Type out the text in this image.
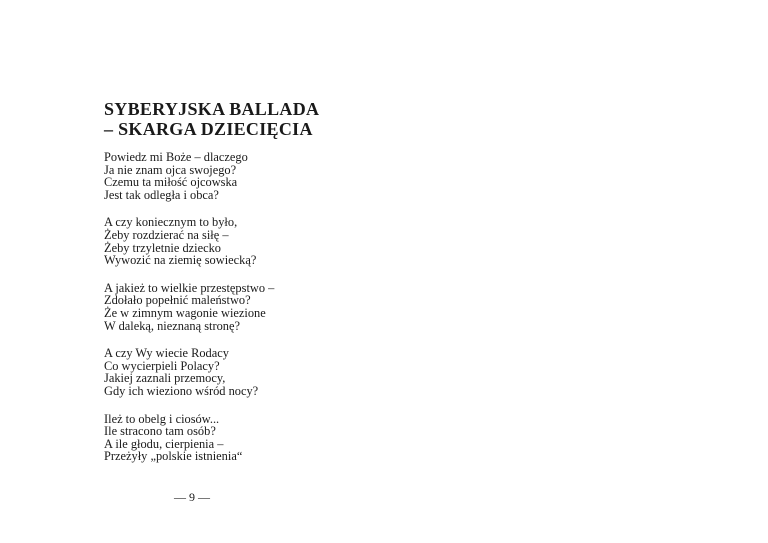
SYBERYJSKA BALLADA
– SKARGA DZIECIĘCIA
Powiedz mi Boże – dlaczego
Ja nie znam ojca swojego?
Czemu ta miłość ojcowska
Jest tak odległa i obca?
A czy koniecznym to było,
Żeby rozdzierać na siłę –
Żeby trzyletnie dziecko
Wywozić na ziemię sowiecką?
A jakież to wielkie przestępstwo –
Zdołało popełnić maleństwo?
Że w zimnym wagonie wiezione
W daleką, nieznaną stronę?
A czy Wy wiecie Rodacy
Co wycierpieli Polacy?
Jakiej zaznali przemocy,
Gdy ich wieziono wśród nocy?
Ileż to obelg i ciosów...
Ile stracono tam osób?
A ile głodu, cierpienia –
Przeżyły „polskie istnienia“
— 9 —
